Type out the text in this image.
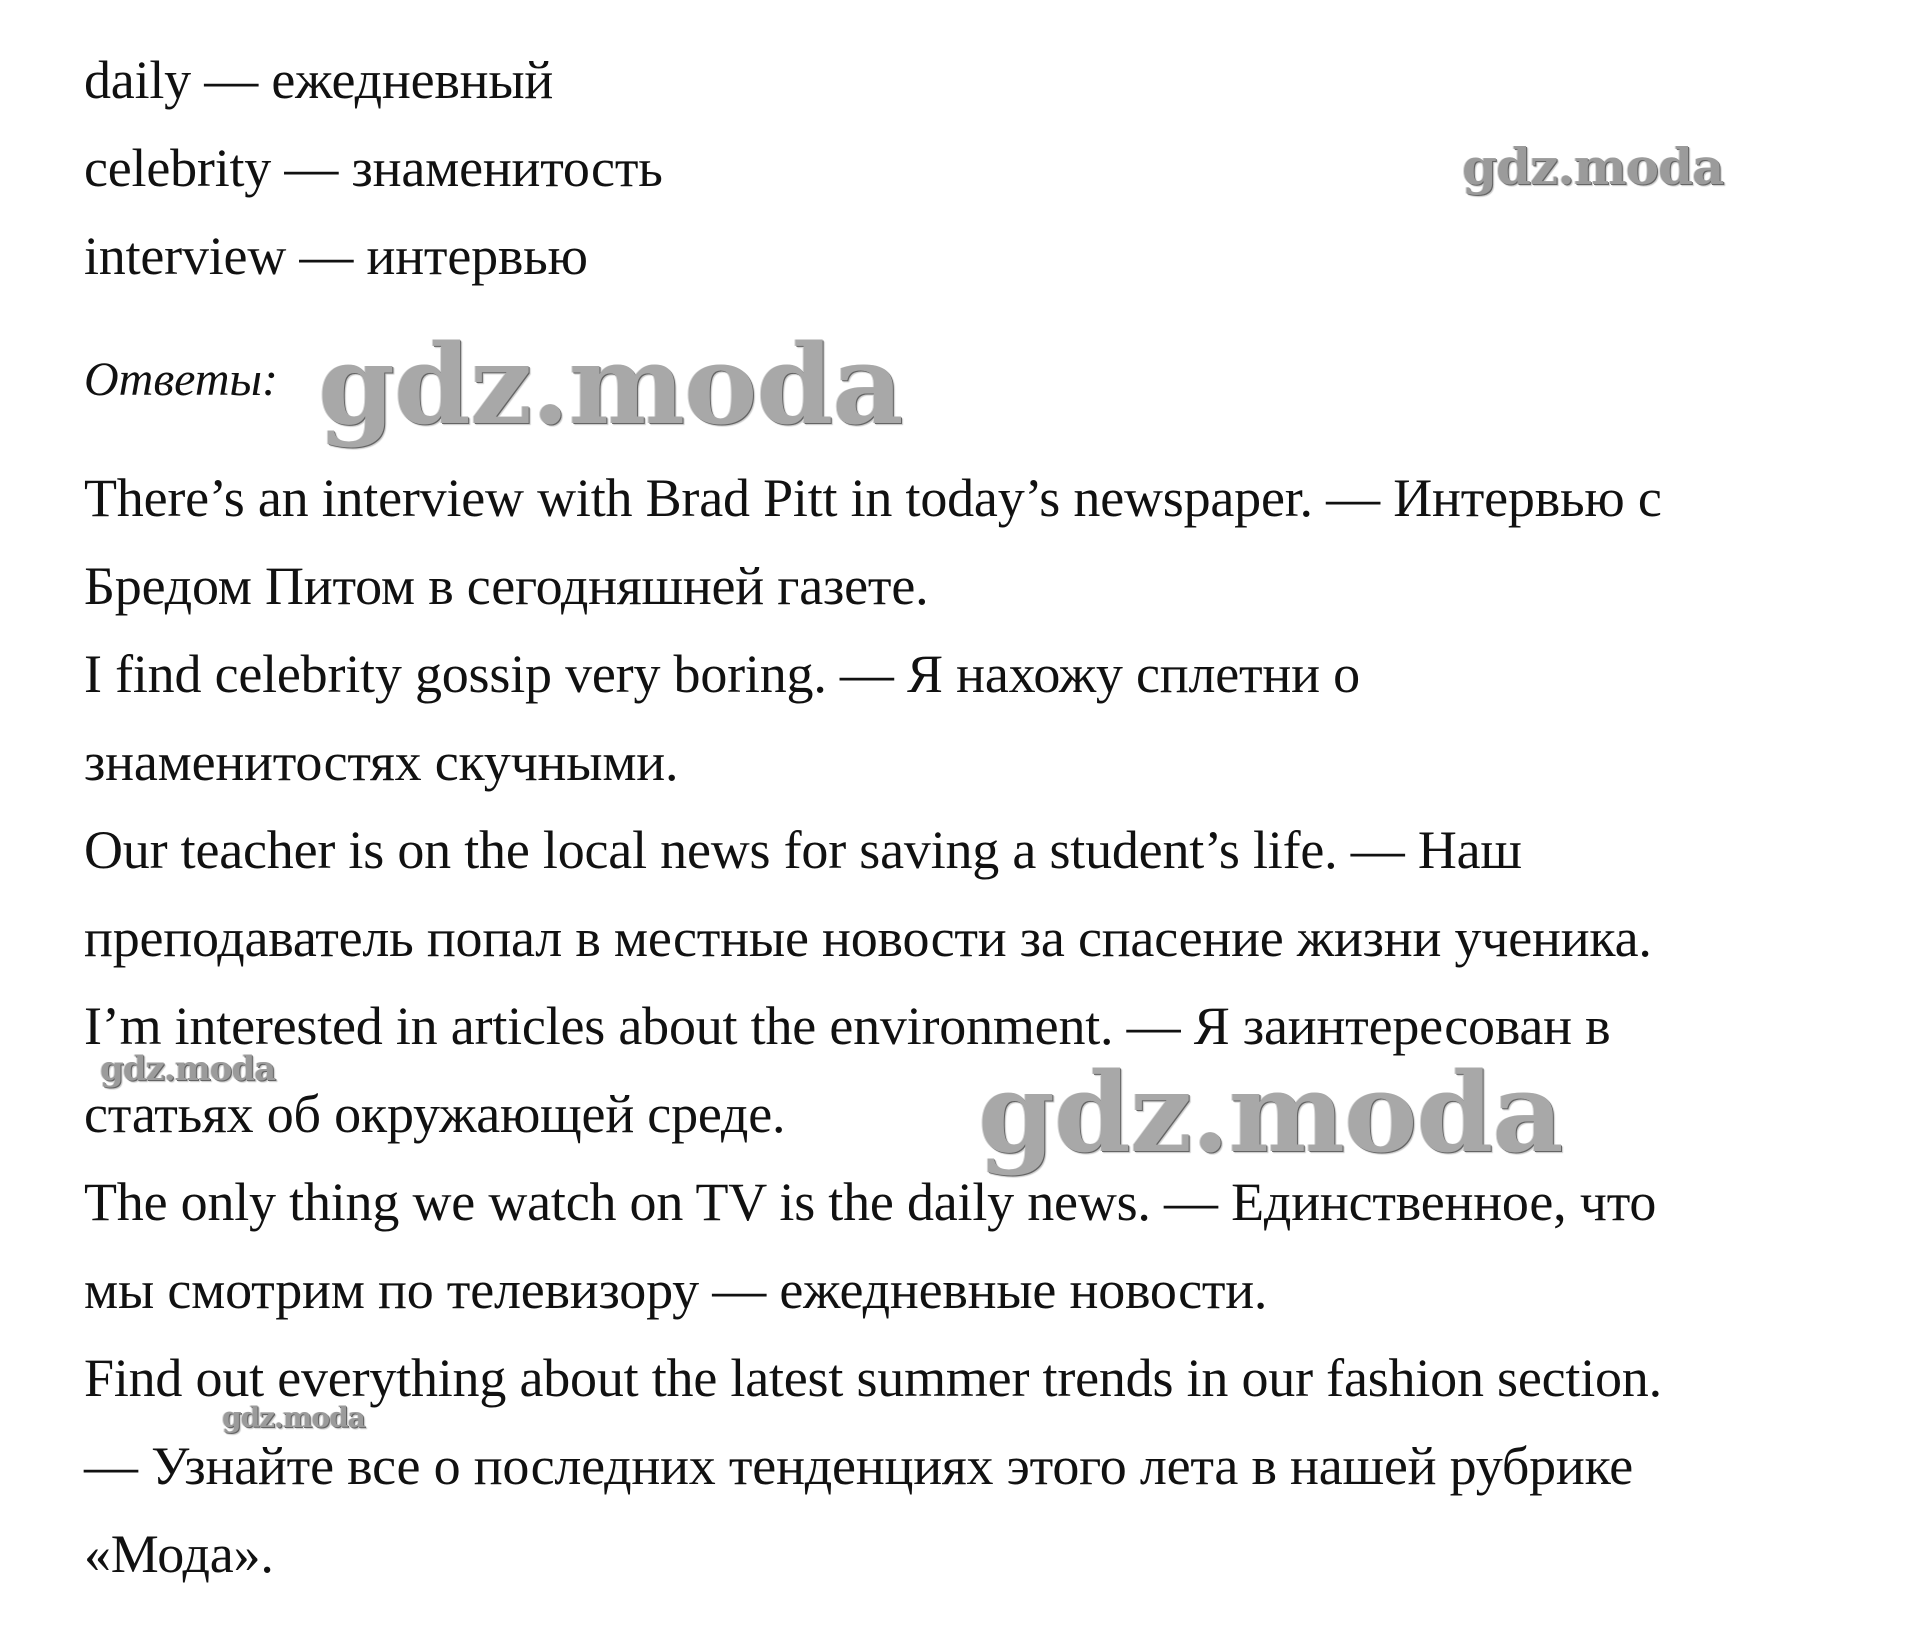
daily — ежедневный
celebrity — знаменитость
interview — интервью
gdz.moda
Ответы: gdz.moda
There’s an interview with Brad Pitt in today’s newspaper. — Интервью с
Бредом Питом в сегодняшней газете.
I find celebrity gossip very boring. — Я нахожу сплетни о
знаменитостях скучными.
Our teacher is on the local news for saving a student’s life. — Наш
преподаватель попал в местные новости за спасение жизни ученика.
I’m interested in articles about the environment. — Я заинтересован в
статьях об окружающей среде.
The only thing we watch on TV is the daily news. — Единственное, что
мы смотрим по телевизору — ежедневные новости.
Find out everything about the latest summer trends in our fashion section.
— Узнайте все о последних тенденциях этого лета в нашей рубрике
«Мода».
gdz.moda	gdz.moda
gdz.moda
